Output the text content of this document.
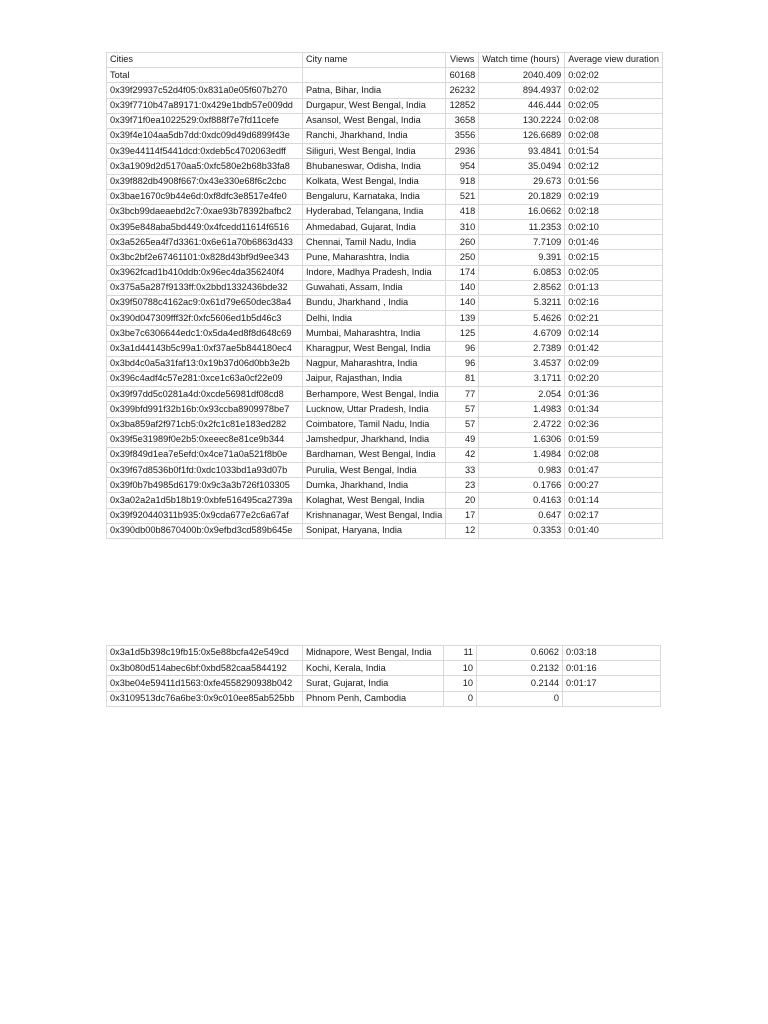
Cities	City name	Views	Watch time (hours)	Average view duration
Total		60168	2040.409	0:02:02
0x39f29937c52d4f05:0x831a0e05f607b270	Patna, Bihar, India	26232	894.4937	0:02:02
0x39f7710b47a89171:0x429e1bdb57e009dd	Durgapur, West Bengal, India	12852	446.444	0:02:05
0x39f71f0ea1022529:0xf888f7e7fd11cefe	Asansol, West Bengal, India	3658	130.2224	0:02:08
0x39f4e104aa5db7dd:0xdc09d49d6899f43e	Ranchi, Jharkhand, India	3556	126.6689	0:02:08
0x39e44114f5441dcd:0xdeb5c4702063edff	Siliguri, West Bengal, India	2936	93.4841	0:01:54
0x3a1909d2d5170aa5:0xfc580e2b68b33fa8	Bhubaneswar, Odisha, India	954	35.0494	0:02:12
0x39f882db4908f667:0x43e330e68f6c2cbc	Kolkata, West Bengal, India	918	29.673	0:01:56
0x3bae1670c9b44e6d:0xf8dfc3e8517e4fe0	Bengaluru, Karnataka, India	521	20.1829	0:02:19
0x3bcb99daeaebd2c7:0xae93b78392bafbc2	Hyderabad, Telangana, India	418	16.0662	0:02:18
0x395e848aba5bd449:0x4fcedd11614f6516	Ahmedabad, Gujarat, India	310	11.2353	0:02:10
0x3a5265ea4f7d3361:0x6e61a70b6863d433	Chennai, Tamil Nadu, India	260	7.7109	0:01:46
0x3bc2bf2e67461101:0x828d43bf9d9ee343	Pune, Maharashtra, India	250	9.391	0:02:15
0x3962fcad1b410ddb:0x96ec4da356240f4	Indore, Madhya Pradesh, India	174	6.0853	0:02:05
0x375a5a287f9133ff:0x2bbd1332436bde32	Guwahati, Assam, India	140	2.8562	0:01:13
0x39f50788c4162ac9:0x61d79e650dec38a4	Bundu, Jharkhand , India	140	5.3211	0:02:16
0x390d047309fff32f:0xfc5606ed1b5d46c3	Delhi, India	139	5.4626	0:02:21
0x3be7c6306644edc1:0x5da4ed8f8d648c69	Mumbai, Maharashtra, India	125	4.6709	0:02:14
0x3a1d44143b5c99a1:0xf37ae5b844180ec4	Kharagpur, West Bengal, India	96	2.7389	0:01:42
0x3bd4c0a5a31faf13:0x19b37d06d0bb3e2b	Nagpur, Maharashtra, India	96	3.4537	0:02:09
0x396c4adf4c57e281:0xce1c63a0cf22e09	Jaipur, Rajasthan, India	81	3.1711	0:02:20
0x39f97dd5c0281a4d:0xcde56981df08cd8	Berhampore, West Bengal, India	77	2.054	0:01:36
0x399bfd991f32b16b:0x93ccba8909978be7	Lucknow, Uttar Pradesh, India	57	1.4983	0:01:34
0x3ba859af2f971cb5:0x2fc1c81e183ed282	Coimbatore, Tamil Nadu, India	57	2.4722	0:02:36
0x39f5e31989f0e2b5:0xeeec8e81ce9b344	Jamshedpur, Jharkhand, India	49	1.6306	0:01:59
0x39f849d1ea7e5efd:0x4ce71a0a521f8b0e	Bardhaman, West Bengal, India	42	1.4984	0:02:08
0x39f67d8536b0f1fd:0xdc1033bd1a93d07b	Purulia, West Bengal, India	33	0.983	0:01:47
0x39f0b7b4985d6179:0x9c3a3b726f103305	Dumka, Jharkhand, India	23	0.1766	0:00:27
0x3a02a2a1d5b18b19:0xbfe516495ca2739a	Kolaghat, West Bengal, India	20	0.4163	0:01:14
0x39f920440311b935:0x9cda677e2c6a67af	Krishnanagar, West Bengal, India	17	0.647	0:02:17
0x390db00b8670400b:0x9efbd3cd589b645e	Sonipat, Haryana, India	12	0.3353	0:01:40
0x3a1d5b398c19fb15:0x5e88bcfa42e549cd	Midnapore, West Bengal, India	11	0.6062	0:03:18
0x3b080d514abec6bf:0xbd582caa5844192	Kochi, Kerala, India	10	0.2132	0:01:16
0x3be04e59411d1563:0xfe4558290938b042	Surat, Gujarat, India	10	0.2144	0:01:17
0x3109513dc76a6be3:0x9c010ee85ab525bb	Phnom Penh, Cambodia	0	0	
